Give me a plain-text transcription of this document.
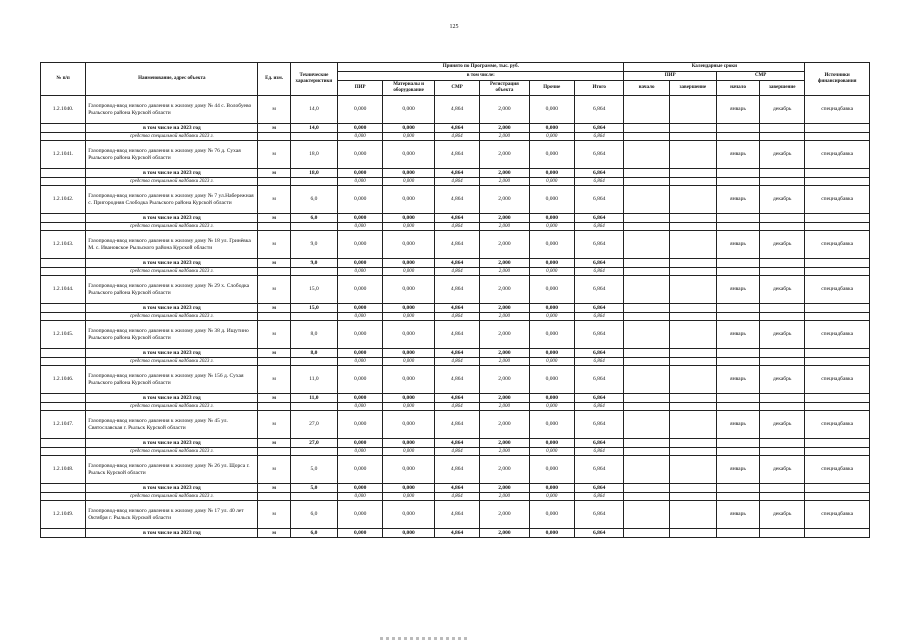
125
№ п/п	Наименование, адрес объекта	Ед. изм.	Технические характеристики	Принято по Программе, тыс. руб.						Календарные сроки				Источники финансирования
				в том числе:						ПИР		СМР		
				ПИР	Материалы и оборудование	СМР	Регистрация объекта	Прочие	Итого	начало	завершение	начало	завершение	
1.2.1040.	Газопровод-ввод низкого давления к жилому дому № 44 с. Волобуево Рыльского района Курской области	м	14,0	0,000	0,000	4,864	2,000	0,000	6,864			январь	декабрь	спецнадбавка
	в том числе на 2023 год	м	14,0	0,000	0,000	4,864	2,000	0,000	6,864					
	средства специальной надбавки 2023 г.			0,000	0,000	4,864	2,000	0,000	6,864					
1.2.1041.	Газопровод-ввод низкого давления к жилому дому № 76 д. Сухая Рыльского района Курской области	м	18,0	0,000	0,000	4,864	2,000	0,000	6,864			январь	декабрь	спецнадбавка
	в том числе на 2023 год	м	18,0	0,000	0,000	4,864	2,000	0,000	6,864					
	средства специальной надбавки 2023 г.			0,000	0,000	4,864	2,000	0,000	6,864					
1.2.1042.	Газопровод-ввод низкого давления к жилому дому № 7 ул.Набережная с. Пригородняя Слободка Рыльского района Курской области	м	6,0	0,000	0,000	4,864	2,000	0,000	6,864			январь	декабрь	спецнадбавка
	в том числе на 2023 год	м	6,0	0,000	0,000	4,864	2,000	0,000	6,864					
	средства специальной надбавки 2023 г.			0,000	0,000	4,864	2,000	0,000	6,864					
1.2.1043.	Газопровод-ввод низкого давления к жилому дому № 18 ул. Гринёвка М. с. Ивановское Рыльского района Курской области	м	9,0	0,000	0,000	4,864	2,000	0,000	6,864			январь	декабрь	спецнадбавка
	в том числе на 2023 год	м	9,0	0,000	0,000	4,864	2,000	0,000	6,864					
	средства специальной надбавки 2023 г.			0,000	0,000	4,864	2,000	0,000	6,864					
1.2.1044.	Газопровод-ввод низкого давления к жилому дому № 29 х. Слободка Рыльского района Курской области	м	15,0	0,000	0,000	4,864	2,000	0,000	6,864			январь	декабрь	спецнадбавка
	в том числе на 2023 год	м	15,0	0,000	0,000	4,864	2,000	0,000	6,864					
	средства специальной надбавки 2023 г.			0,000	0,000	4,864	2,000	0,000	6,864					
1.2.1045.	Газопровод-ввод низкого давления к жилому дому № 38 д. Ищутино Рыльского района Курской области	м	8,0	0,000	0,000	4,864	2,000	0,000	6,864			январь	декабрь	спецнадбавка
	в том числе на 2023 год	м	8,0	0,000	0,000	4,864	2,000	0,000	6,864					
	средства специальной надбавки 2023 г.			0,000	0,000	4,864	2,000	0,000	6,864					
1.2.1046.	Газопровод-ввод низкого давления к жилому дому № 156 д. Сухая Рыльского района Курской области	м	11,0	0,000	0,000	4,864	2,000	0,000	6,864			январь	декабрь	спецнадбавка
	в том числе на 2023 год	м	11,0	0,000	0,000	4,864	2,000	0,000	6,864					
	средства специальной надбавки 2023 г.			0,000	0,000	4,864	2,000	0,000	6,864					
1.2.1047.	Газопровод-ввод низкого давления к жилому дому № 45 ул. Святославская г. Рыльск Курской области	м	27,0	0,000	0,000	4,864	2,000	0,000	6,864			январь	декабрь	спецнадбавка
	в том числе на 2023 год	м	27,0	0,000	0,000	4,864	2,000	0,000	6,864					
	средства специальной надбавки 2023 г.			0,000	0,000	4,864	2,000	0,000	6,864					
1.2.1048.	Газопровод-ввод низкого давления к жилому дому № 26 ул. Щорса г. Рыльск Курской области	м	5,0	0,000	0,000	4,864	2,000	0,000	6,864			январь	декабрь	спецнадбавка
	в том числе на 2023 год	м	5,0	0,000	0,000	4,864	2,000	0,000	6,864					
	средства специальной надбавки 2023 г.			0,000	0,000	4,864	2,000	0,000	6,864					
1.2.1049.	Газопровод-ввод низкого давления к жилому дому № 17 ул. 40 лет Октября г. Рыльск Курской области	м	6,0	0,000	0,000	4,864	2,000	0,000	6,864			январь	декабрь	спецнадбавка
	в том числе на 2023 год	м	6,0	0,000	0,000	4,864	2,000	0,000	6,864					
